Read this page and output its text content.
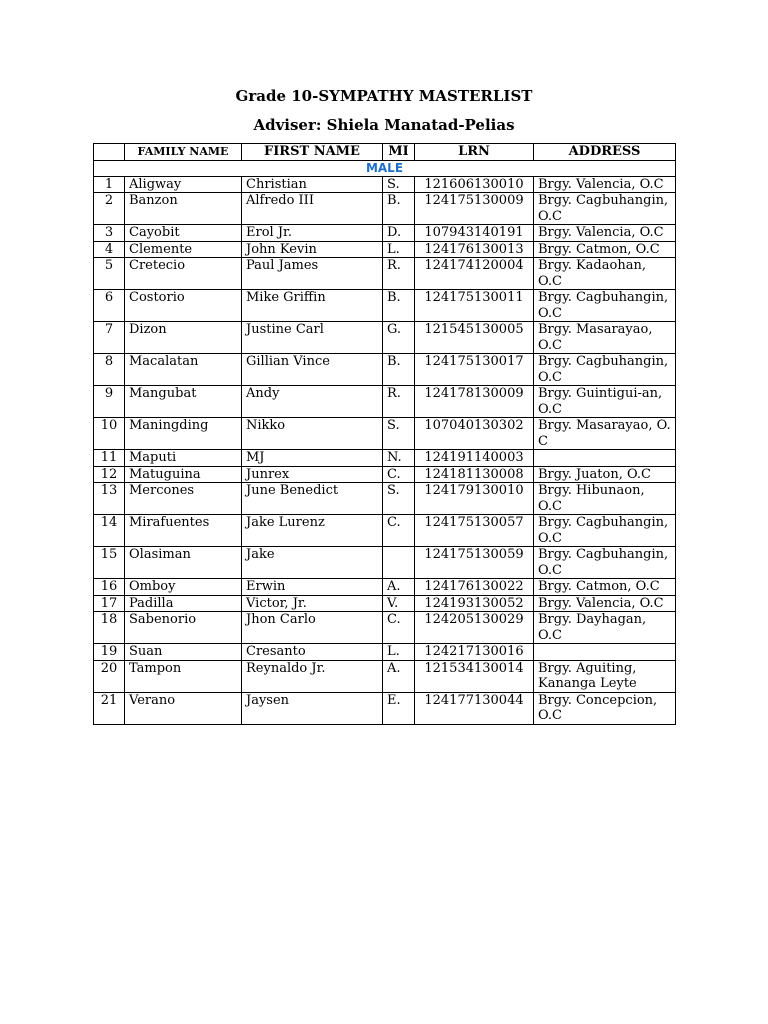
Grade 10-SYMPATHY MASTERLIST
Adviser: Shiela Manatad-Pelias
	FAMILY NAME	FIRST NAME	MI	LRN	ADDRESS
MALE					
1	Aligway	Christian	S.	121606130010	Brgy. Valencia, O.C
2	Banzon	Alfredo III	B.	124175130009	Brgy. Cagbuhangin, O.C
3	Cayobit	Erol Jr.	D.	107943140191	Brgy. Valencia, O.C
4	Clemente	John Kevin	L.	124176130013	Brgy. Catmon, O.C
5	Cretecio	Paul James	R.	124174120004	Brgy. Kadaohan, O.C
6	Costorio	Mike Griffin	B.	124175130011	Brgy. Cagbuhangin, O.C
7	Dizon	Justine Carl	G.	121545130005	Brgy. Masarayao, O.C
8	Macalatan	Gillian Vince	B.	124175130017	Brgy. Cagbuhangin, O.C
9	Mangubat	Andy	R.	124178130009	Brgy. Guintigui-an, O.C
10	Maningding	Nikko	S.	107040130302	Brgy. Masarayao, O. C
11	Maputi	MJ	N.	124191140003	
12	Matuguina	Junrex	C.	124181130008	Brgy. Juaton, O.C
13	Mercones	June Benedict	S.	124179130010	Brgy. Hibunaon, O.C
14	Mirafuentes	Jake Lurenz	C.	124175130057	Brgy. Cagbuhangin, O.C
15	Olasiman	Jake		124175130059	Brgy. Cagbuhangin, O.C
16	Omboy	Erwin	A.	124176130022	Brgy. Catmon, O.C
17	Padilla	Victor, Jr.	V.	124193130052	Brgy. Valencia, O.C
18	Sabenorio	Jhon Carlo	C.	124205130029	Brgy. Dayhagan, O.C
19	Suan	Cresanto	L.	124217130016	
20	Tampon	Reynaldo Jr.	A.	121534130014	Brgy. Aguiting, Kananga Leyte
21	Verano	Jaysen	E.	124177130044	Brgy. Concepcion, O.C
